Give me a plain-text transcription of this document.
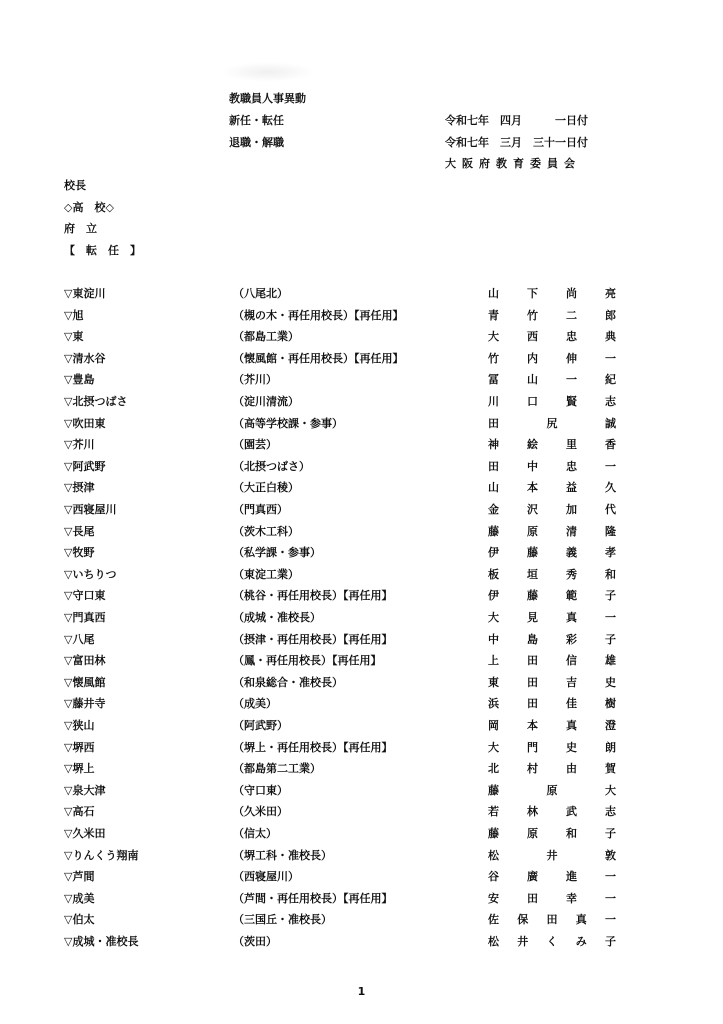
教職員人事異動
新任・転任	令和七年　四月　　　一日付
退職・解職	令和七年　三月　三十一日付
大阪府教育委員会
校長
◇高　校◇
府　立
【　転　任　】
▽東淀川	（八尾北）	山	下	尚	亮
▽旭	（槻の木・再任用校長）【再任用】	青	竹	二	郎
▽東	（都島工業）	大	西	忠	典
▽清水谷	（懐風館・再任用校長）【再任用】	竹	内	伸	一
▽豊島	（芥川）	冨	山	一	紀
▽北摂つばさ	（淀川清流）	川	口	賢	志
▽吹田東	（高等学校課・参事）	田	尻	誠
▽芥川	（園芸）	神	絵	里	香
▽阿武野	（北摂つばさ）	田	中	忠	一
▽摂津	（大正白稜）	山	本	益	久
▽西寝屋川	（門真西）	金	沢	加	代
▽長尾	（茨木工科）	藤	原	清	隆
▽牧野	（私学課・参事）	伊	藤	義	孝
▽いちりつ	（東淀工業）	板	垣	秀	和
▽守口東	（桃谷・再任用校長）【再任用】	伊	藤	範	子
▽門真西	（成城・准校長）	大	見	真	一
▽八尾	（摂津・再任用校長）【再任用】	中	島	彩	子
▽富田林	（鳳・再任用校長）【再任用】	上	田	信	雄
▽懐風館	（和泉総合・准校長）	東	田	吉	史
▽藤井寺	（成美）	浜	田	佳	樹
▽狭山	（阿武野）	岡	本	真	澄
▽堺西	（堺上・再任用校長）【再任用】	大	門	史	朗
▽堺上	（都島第二工業）	北	村	由	賀
▽泉大津	（守口東）	藤	原	大
▽高石	（久米田）	若	林	武	志
▽久米田	（信太）	藤	原	和	子
▽りんくう翔南	（堺工科・准校長）	松	井	敦
▽芦間	（西寝屋川）	谷	廣	進	一
▽成美	（芦間・再任用校長）【再任用】	安	田	幸	一
▽伯太	（三国丘・准校長）	佐 保 田 真 一
▽成城・准校長	（茨田）	松 井 く み 子
1
